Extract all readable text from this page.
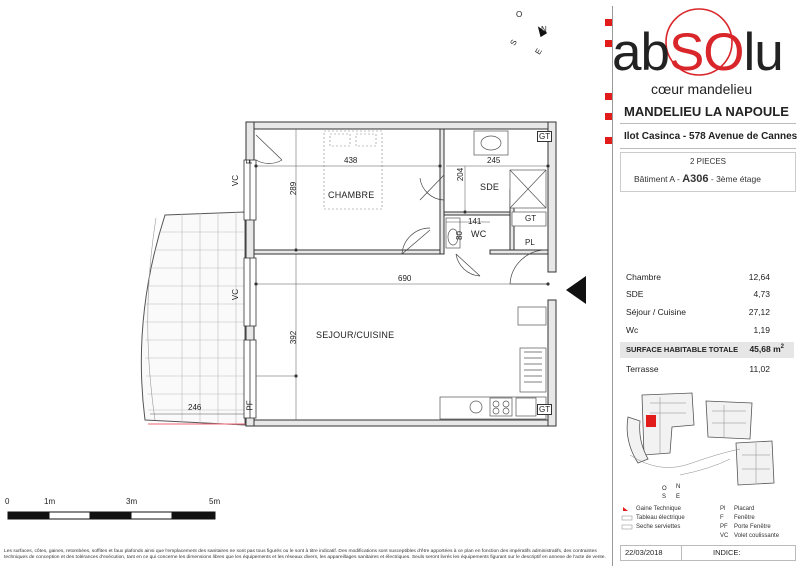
O
N
S
E
CHAMBRE
SDE
WC
PL
SEJOUR/CUISINE
GT
GT
GT
F
VC
VC
PF
438	245
289
204
141
80
690
392
246
0	1m	3m	5m
Les surfaces, côtes, gaines, retombées, soffites et faux plafonds ainsi que l'emplacement des sanitaires ne sont pas tous figurés ou le sont à titre indicatif. Des modifications sont susceptibles d'être apportées à ce plan en fonction des impératifs administratifs, des contraintes techniques de conception et des tolérances d'exécution, tant en ce qui concerne les dimensions libres que les équipements et les réseaux divers, les appareillages sanitaires et électriques. Seuls seront livrés les équipements figurant sur le descriptif en annexe de l'acte de vente.
abSOlu
cœur mandelieu
MANDELIEU LA NAPOULE
Ilot Casinca - 578 Avenue de Cannes
2 PIECES
Bâtiment A - A306 - 3ème étage
Chambre	12,64
SDE	4,73
Séjour / Cuisine	27,12
Wc	1,19
SURFACE HABITABLE TOTALE 45,68 $m^2$
Terrasse	11,02
O N
S E
Gaine Technique
Tableau électrique
Seche serviettes
Pl Placard
F Fenêtre
PF Porte Fenêtre
VC Volet coulissante
22/03/2018	INDICE:
